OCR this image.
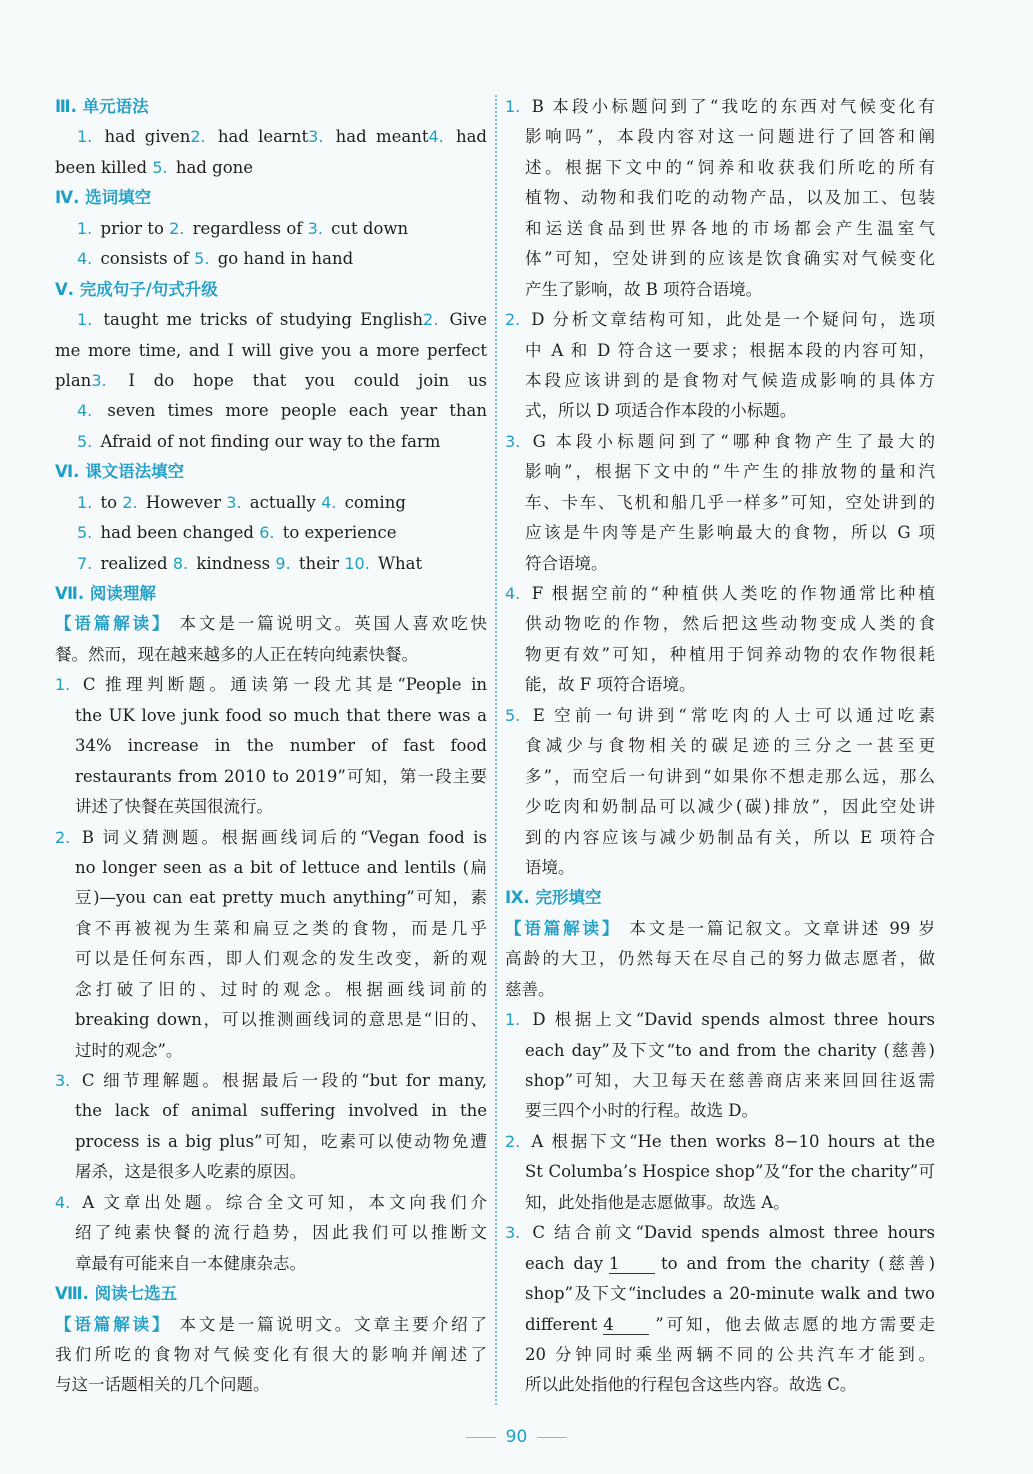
Ⅲ. 单元语法
1. had given2. had learnt3. had meant4. had
been killed 5. had gone
Ⅳ. 选词填空
1. prior to 2. regardless of 3. cut down
4. consists of 5. go hand in hand
Ⅴ. 完成句子/句式升级
1. taught me tricks of studying English2. Give
me more time, and I will give you a more perfect
plan3. I do hope that you could join us
4. seven times more people each year than
5. Afraid of not finding our way to the farm
Ⅵ. 课文语法填空
1. to 2. However 3. actually 4. coming
5. had been changed 6. to experience
7. realized 8. kindness 9. their 10. What
Ⅶ. 阅读理解
【语篇解读】 本文是一篇说明文。英国人喜欢吃快
餐。然而，现在越来越多的人正在转向纯素快餐。
1. C 推理判断题。通读第一段尤其是“People in
the UK love junk food so much that there was a
34% increase in the number of fast food
restaurants from 2010 to 2019”可知，第一段主要
讲述了快餐在英国很流行。
2. B 词义猜测题。根据画线词后的“Vegan food is
no longer seen as a bit of lettuce and lentils (扁
豆)—you can eat pretty much anything”可知，素
食不再被视为生菜和扁豆之类的食物，而是几乎
可以是任何东西，即人们观念的发生改变，新的观
念打破了旧的、过时的观念。根据画线词前的
breaking down，可以推测画线词的意思是“旧的、
过时的观念”。
3. C 细节理解题。根据最后一段的“but for many,
the lack of animal suffering involved in the
process is a big plus”可知，吃素可以使动物免遭
屠杀，这是很多人吃素的原因。
4. A 文章出处题。综合全文可知，本文向我们介
绍了纯素快餐的流行趋势，因此我们可以推断文
章最有可能来自一本健康杂志。
Ⅷ. 阅读七选五
【语篇解读】 本文是一篇说明文。文章主要介绍了
我们所吃的食物对气候变化有很大的影响并阐述了
与这一话题相关的几个问题。
1. B 本段小标题问到了“我吃的东西对气候变化有
影响吗”，本段内容对这一问题进行了回答和阐
述。根据下文中的“饲养和收获我们所吃的所有
植物、动物和我们吃的动物产品，以及加工、包装
和运送食品到世界各地的市场都会产生温室气
体”可知，空处讲到的应该是饮食确实对气候变化
产生了影响，故 B 项符合语境。
2. D 分析文章结构可知，此处是一个疑问句，选项
中 A 和 D 符合这一要求；根据本段的内容可知，
本段应该讲到的是食物对气候造成影响的具体方
式，所以 D 项适合作本段的小标题。
3. G 本段小标题问到了“哪种食物产生了最大的
影响”，根据下文中的“牛产生的排放物的量和汽
车、卡车、飞机和船几乎一样多”可知，空处讲到的
应该是牛肉等是产生影响最大的食物，所以 G 项
符合语境。
4. F 根据空前的“种植供人类吃的作物通常比种植
供动物吃的作物，然后把这些动物变成人类的食
物更有效”可知，种植用于饲养动物的农作物很耗
能，故 F 项符合语境。
5. E 空前一句讲到“常吃肉的人士可以通过吃素
食减少与食物相关的碳足迹的三分之一甚至更
多”，而空后一句讲到“如果你不想走那么远，那么
少吃肉和奶制品可以减少(碳)排放”，因此空处讲
到的内容应该与减少奶制品有关，所以 E 项符合
语境。
Ⅸ. 完形填空
【语篇解读】 本文是一篇记叙文。文章讲述 99 岁
高龄的大卫，仍然每天在尽自己的努力做志愿者，做
慈善。
1. D 根据上文“David spends almost three hours
each day”及下文“to and from the charity (慈善)
shop”可知，大卫每天在慈善商店来来回回往返需
要三四个小时的行程。故选 D。
2. A 根据下文“He then works 8−10 hours at the
St Columba’s Hospice shop”及“for the charity”可
知，此处指他是志愿做事。故选 A。
3. C 结合前文“David spends almost three hours
each day 1	to and from the charity (慈善)
shop”及下文“includes a 20-minute walk and two
different 4	”可知，他去做志愿的地方需要走
20 分钟同时乘坐两辆不同的公共汽车才能到。
所以此处指他的行程包含这些内容。故选 C。
90
